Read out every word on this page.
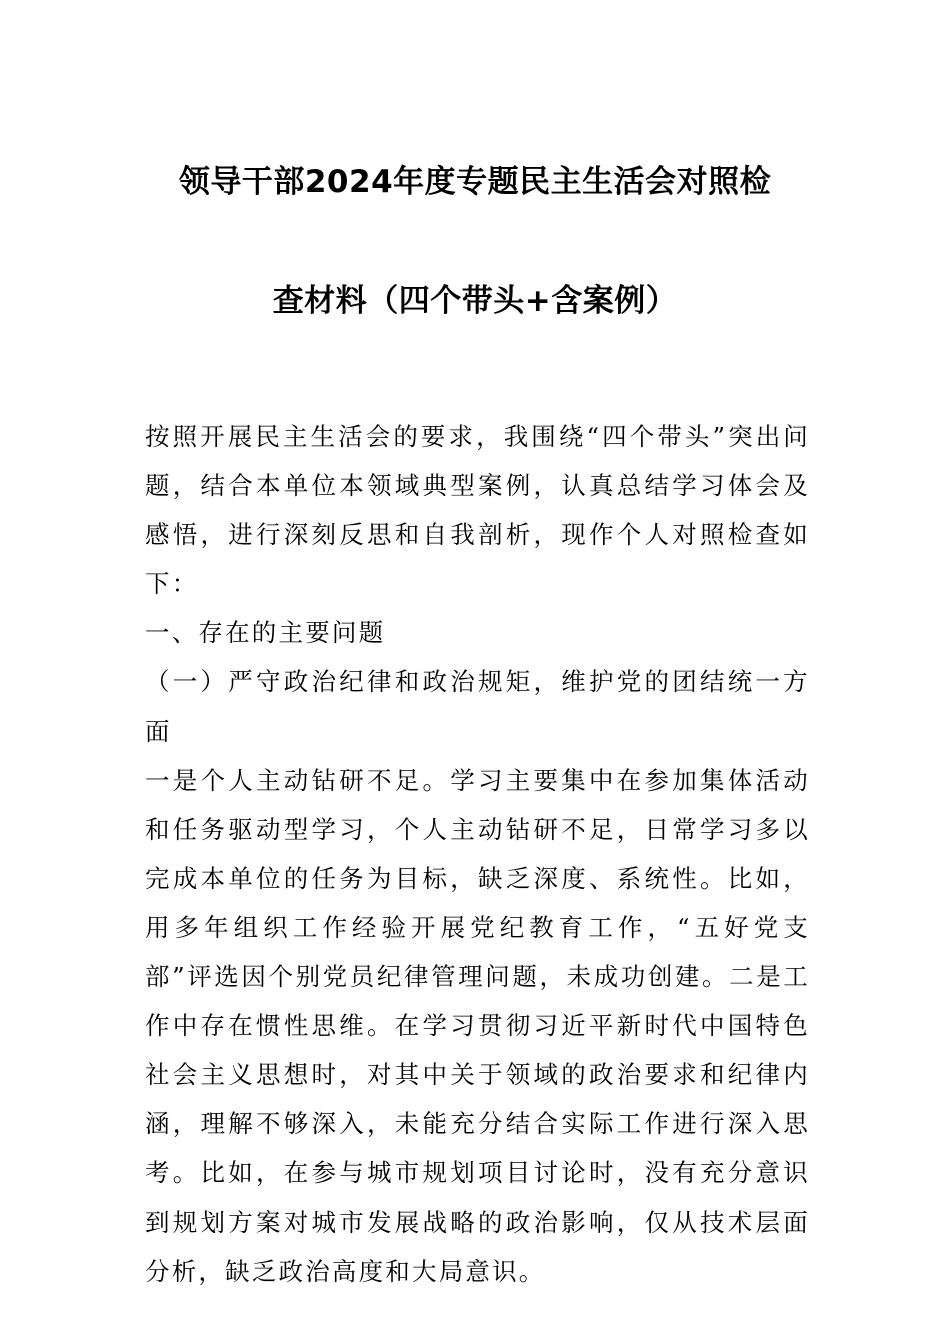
领导干部2024年度专题民主生活会对照检
查材料（四个带头+含案例）

按照开展民主生活会的要求，我围绕“四个带头”突出问题，结合本单位本领域典型案例，认真总结学习体会及感悟，进行深刻反思和自我剖析，现作个人对照检查如下：

一、存在的主要问题

（一）严守政治纪律和政治规矩，维护党的团结统一方面

一是个人主动钻研不足。学习主要集中在参加集体活动和任务驱动型学习，个人主动钻研不足，日常学习多以完成本单位的任务为目标，缺乏深度、系统性。比如，用多年组织工作经验开展党纪教育工作，“五好党支部”评选因个别党员纪律管理问题，未成功创建。二是工作中存在惯性思维。在学习贯彻习近平新时代中国特色社会主义思想时，对其中关于领域的政治要求和纪律内涵，理解不够深入，未能充分结合实际工作进行深入思考。比如，在参与城市规划项目讨论时，没有充分意识到规划方案对城市发展战略的政治影响，仅从技术层面分析，缺乏政治高度和大局意识。
